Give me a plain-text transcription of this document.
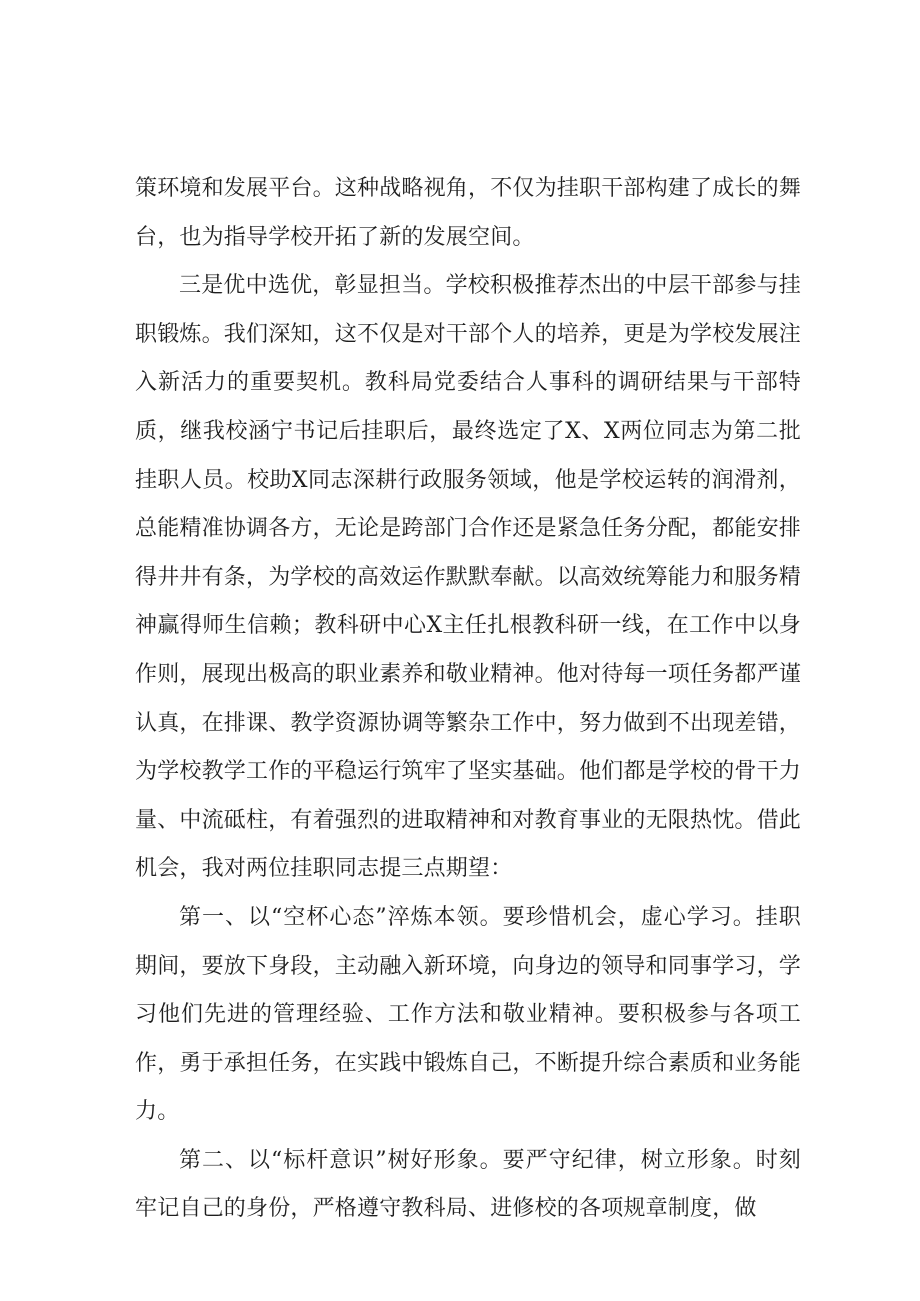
策环境和发展平台。这种战略视角，不仅为挂职干部构建了成长的舞台，也为指导学校开拓了新的发展空间。

三是优中选优，彰显担当。学校积极推荐杰出的中层干部参与挂职锻炼。我们深知，这不仅是对干部个人的培养，更是为学校发展注入新活力的重要契机。教科局党委结合人事科的调研结果与干部特质，继我校涵宁书记后挂职后，最终选定了X、X两位同志为第二批挂职人员。校助X同志深耕行政服务领域，他是学校运转的润滑剂，总能精准协调各方，无论是跨部门合作还是紧急任务分配，都能安排得井井有条，为学校的高效运作默默奉献。以高效统筹能力和服务精神赢得师生信赖；教科研中心X主任扎根教科研一线，在工作中以身作则，展现出极高的职业素养和敬业精神。他对待每一项任务都严谨认真，在排课、教学资源协调等繁杂工作中，努力做到不出现差错，为学校教学工作的平稳运行筑牢了坚实基础。他们都是学校的骨干力量、中流砥柱，有着强烈的进取精神和对教育事业的无限热忱。借此机会，我对两位挂职同志提三点期望：

第一、以“空杯心态”淬炼本领。要珍惜机会，虚心学习。挂职期间，要放下身段，主动融入新环境，向身边的领导和同事学习，学习他们先进的管理经验、工作方法和敬业精神。要积极参与各项工作，勇于承担任务，在实践中锻炼自己，不断提升综合素质和业务能力。

第二、以“标杆意识”树好形象。要严守纪律，树立形象。时刻牢记自己的身份，严格遵守教科局、进修校的各项规章制度，做
